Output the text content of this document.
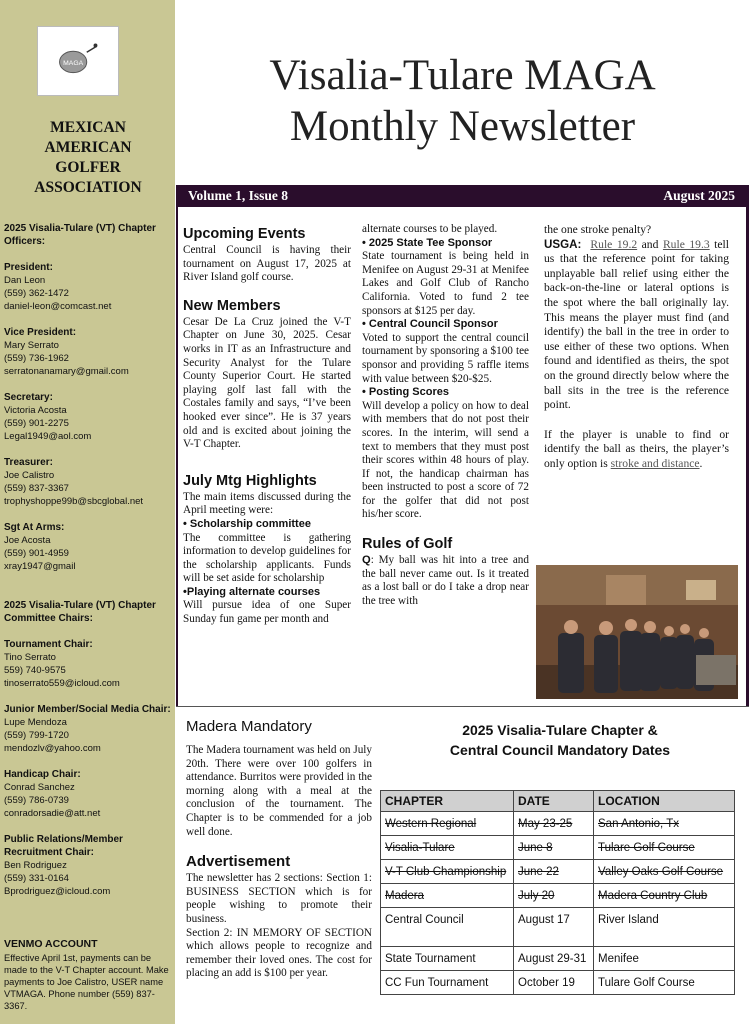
MAGA
MEXICAN
AMERICAN
GOLFER
ASSOCIATION
2025 Visalia-Tulare (VT) Chapter Officers:
President:
Dan Leon
(559) 362-1472
daniel-leon@comcast.net
Vice President:
Mary Serrato
(559) 736-1962
serratonanamary@gmail.com
Secretary:
Victoria Acosta
(559) 901-2275
Legal1949@aol.com
Treasurer:
Joe Calistro
(559) 837-3367
trophyshoppe99b@sbcglobal.net
Sgt At Arms:
Joe Acosta
(559) 901-4959
xray1947@gmail
2025 Visalia-Tulare (VT) Chapter Committee Chairs:
Tournament Chair:
Tino Serrato
559) 740-9575
tinoserrato559@icloud.com
Junior Member/Social Media Chair:
Lupe Mendoza
(559) 799-1720
mendozlv@yahoo.com
Handicap Chair:
Conrad Sanchez
(559) 786-0739
conradorsadie@att.net
Public Relations/Member Recruitment Chair:
Ben Rodriguez
(559) 331-0164
Bprodriguez@icloud.com
VENMO ACCOUNT
Effective April 1st, payments can be made to the V-T Chapter account. Make payments to Joe Calistro, USER name VTMAGA. Phone number (559) 837-3367.
Visalia-Tulare MAGA
Monthly Newsletter
Volume 1, Issue 8	August 2025
Upcoming Events

Central Council is having their tournament on August 17, 2025 at River Island golf course.

New Members

Cesar De La Cruz joined the V-T Chapter on June 30, 2025. Cesar works in IT as an Infrastructure and Security Analyst for the Tulare County Superior Court. He started playing golf last fall with the Costales family and says, “I’ve been hooked ever since”. He is 37 years old and is excited about joining the V-T Chapter.

July Mtg Highlights

The main items discussed during the April meeting were:

• Scholarship committee

The committee is gathering information to develop guidelines for the scholarship applicants. Funds will be set aside for scholarship

•Playing alternate courses

Will pursue idea of one Super Sunday fun game per month and

alternate courses to be played.

• 2025 State Tee Sponsor

State tournament is being held in Menifee on August 29-31 at Menifee Lakes and Golf Club of Rancho California. Voted to fund 2 tee sponsors at $125 per day.

• Central Council Sponsor

Voted to support the central council tournament by sponsoring a $100 tee sponsor and providing 5 raffle items with value between $20-$25.

• Posting Scores

Will develop a policy on how to deal with members that do not post their scores. In the interim, will send a text to members that they must post their scores within 48 hours of play. If not, the handicap chairman has been instructed to post a score of 72 for the golfer that did not post his/her score.

Rules of Golf

Q: My ball was hit into a tree and the ball never came out. Is it treated as a lost ball or do I take a drop near the tree with

the one stroke penalty?

USGA: Rule 19.2 and Rule 19.3 tell us that the reference point for taking unplayable ball relief using either the back-on-the-line or lateral options is the spot where the ball originally lay. This means the player must find (and identify) the ball in the tree in order to use either of these two options. When found and identified as theirs, the spot on the ground directly below where the ball sits in the tree is the reference point.

If the player is unable to find or identify the ball as theirs, the player’s only option is stroke and distance.

Madera Mandatory

The Madera tournament was held on July 20th. There were over 100 golfers in attendance. Burritos were provided in the morning along with a meal at the conclusion of the tournament. The Chapter is to be commended for a job well done.

Advertisement

The newsletter has 2 sections: Section 1: BUSINESS SECTION which is for people wishing to promote their business.

Section 2: IN MEMORY OF SECTION which allows people to recognize and remember their loved ones. The cost for placing an add is $100 per year.

2025 Visalia-Tulare Chapter &
Central Council Mandatory Dates
CHAPTER	DATE	LOCATION
Western Regional	May 23-25	San Antonio, Tx
Visalia-Tulare	June 8	Tulare Golf Course
V-T Club Championship	June 22	Valley Oaks Golf Course
Madera	July 20	Madera Country Club
Central Council	August 17	River Island
State Tournament	August 29-31	Menifee
CC Fun Tournament	October 19	Tulare Golf Course
